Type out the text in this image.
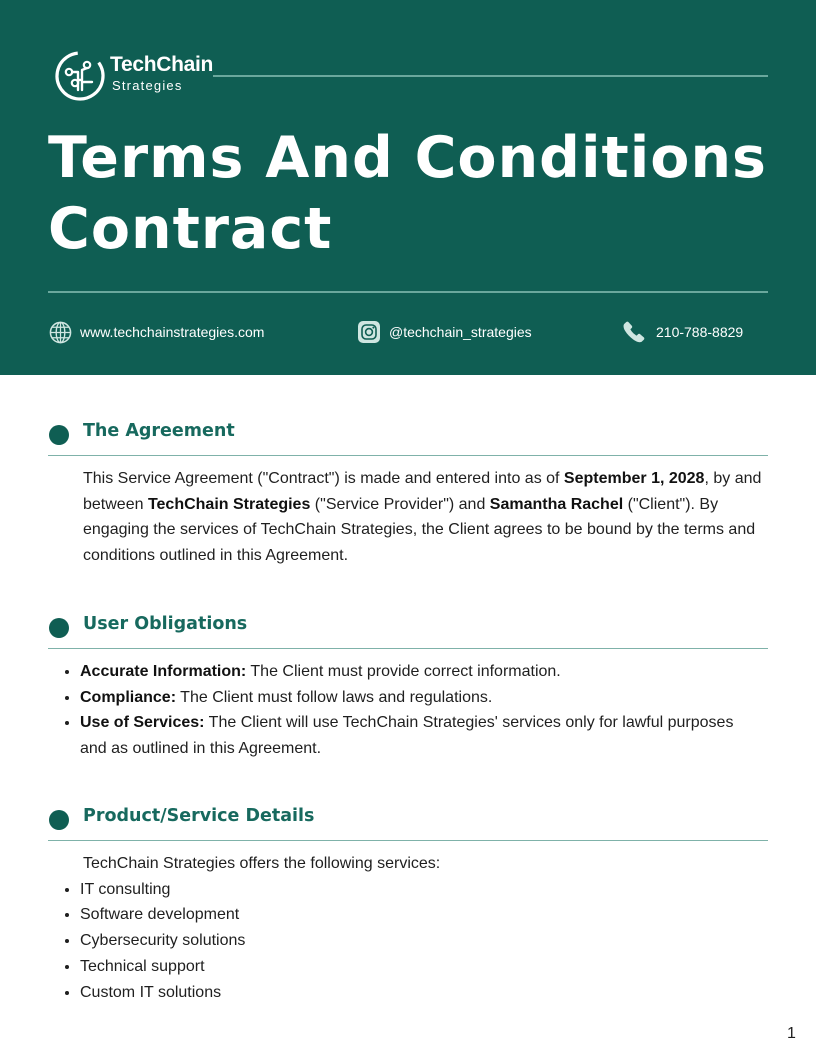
TechChain
Strategies
Terms And Conditions Contract
www.techchainstrategies.com	@techchain_strategies	210-788-8829
The Agreement

This Service Agreement ("Contract") is made and entered into as of September 1, 2028, by and between TechChain Strategies ("Service Provider") and Samantha Rachel ("Client"). By engaging the services of TechChain Strategies, the Client agrees to be bound by the terms and conditions outlined in this Agreement.

User Obligations
• Accurate Information: The Client must provide correct information.
• Compliance: The Client must follow laws and regulations.
• Use of Services: The Client will use TechChain Strategies' services only for lawful purposes and as outlined in this Agreement.
Product/Service Details

TechChain Strategies offers the following services:

• IT consulting
• Software development
• Cybersecurity solutions
• Technical support
• Custom IT solutions
1
